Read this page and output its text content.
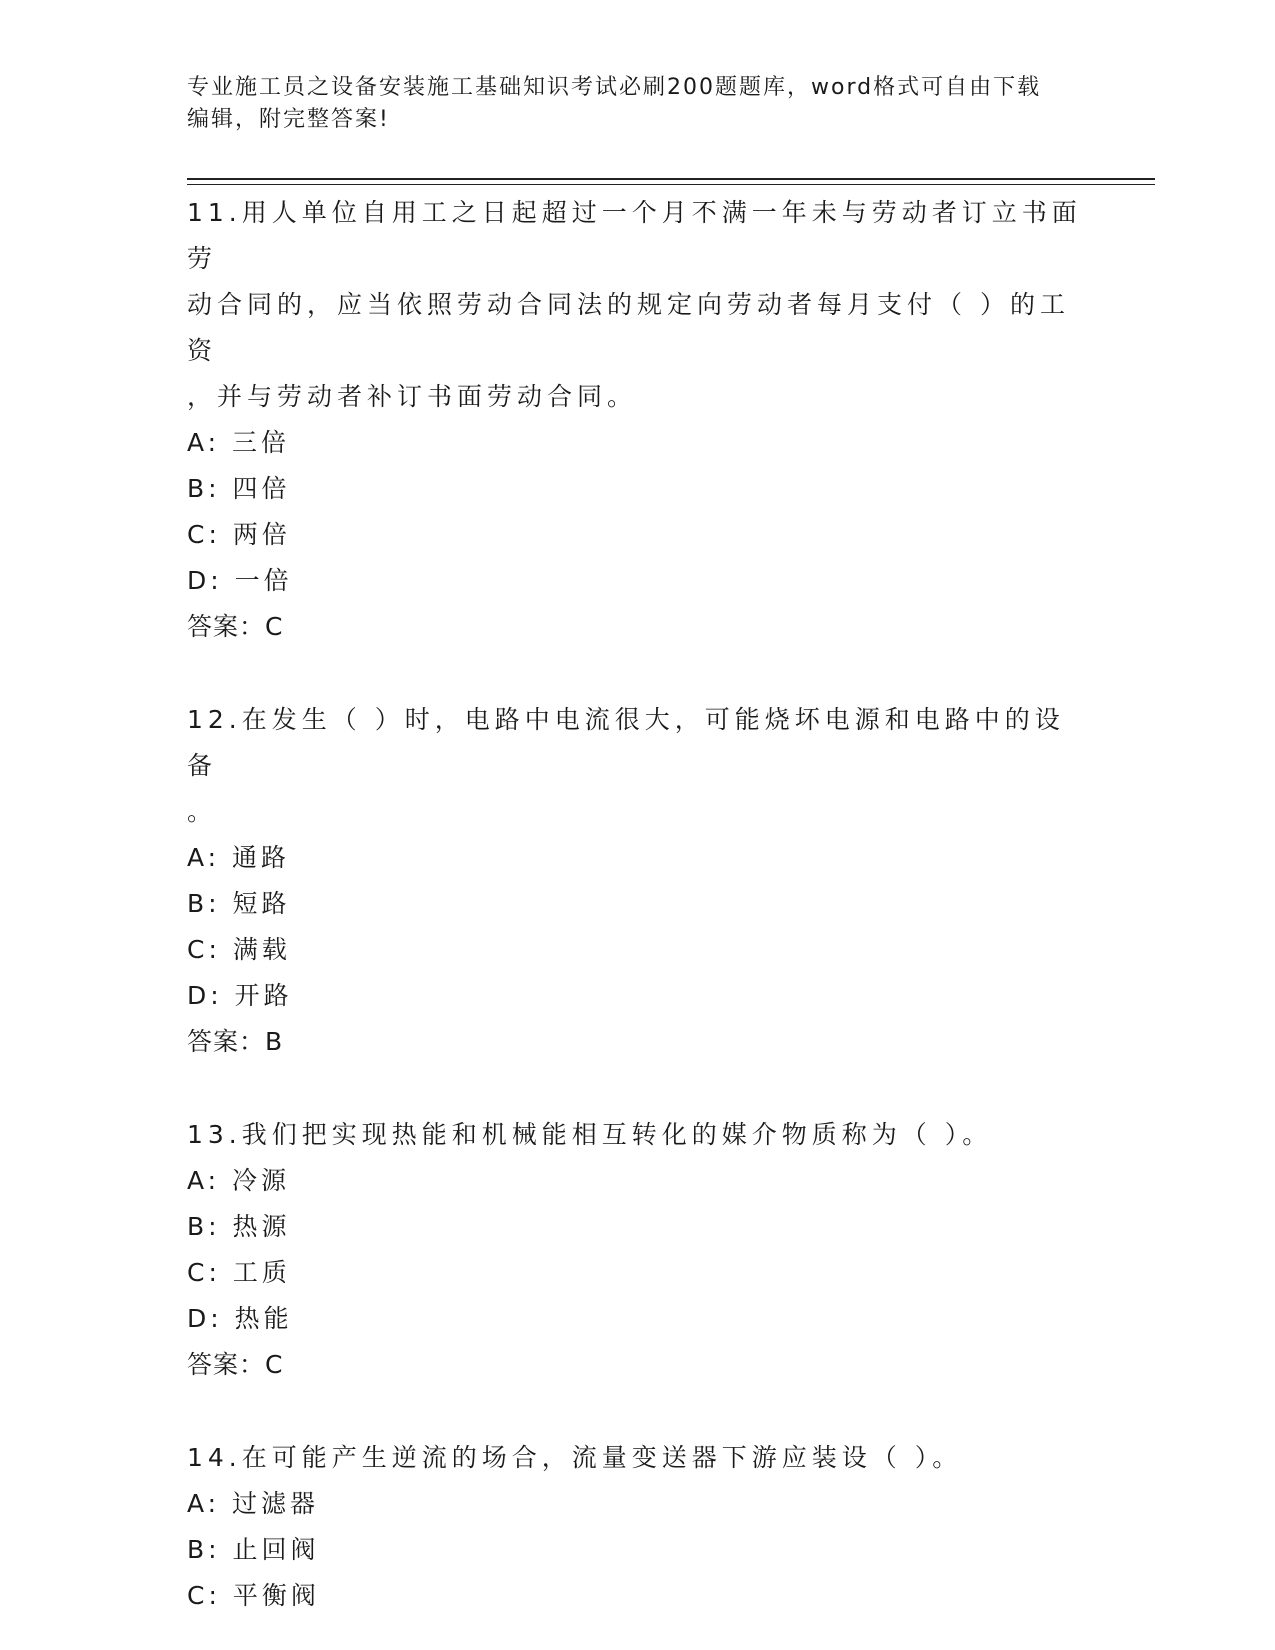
专业施工员之设备安装施工基础知识考试必刷200题题库，word格式可自由下载
编辑，附完整答案!

11.用人单位自用工之日起超过一个月不满一年未与劳动者订立书面劳

动合同的，应当依照劳动合同法的规定向劳动者每月支付（ ）的工资

，并与劳动者补订书面劳动合同。

A: 三倍

B: 四倍

C: 两倍

D: 一倍

答案：C

12.在发生（ ）时，电路中电流很大，可能烧坏电源和电路中的设备

。

A: 通路

B: 短路

C: 满载

D: 开路

答案：B

13.我们把实现热能和机械能相互转化的媒介物质称为（ ）。

A: 冷源

B: 热源

C: 工质

D: 热能

答案：C

14.在可能产生逆流的场合，流量变送器下游应装设（ ）。

A: 过滤器

B: 止回阀

C: 平衡阀
